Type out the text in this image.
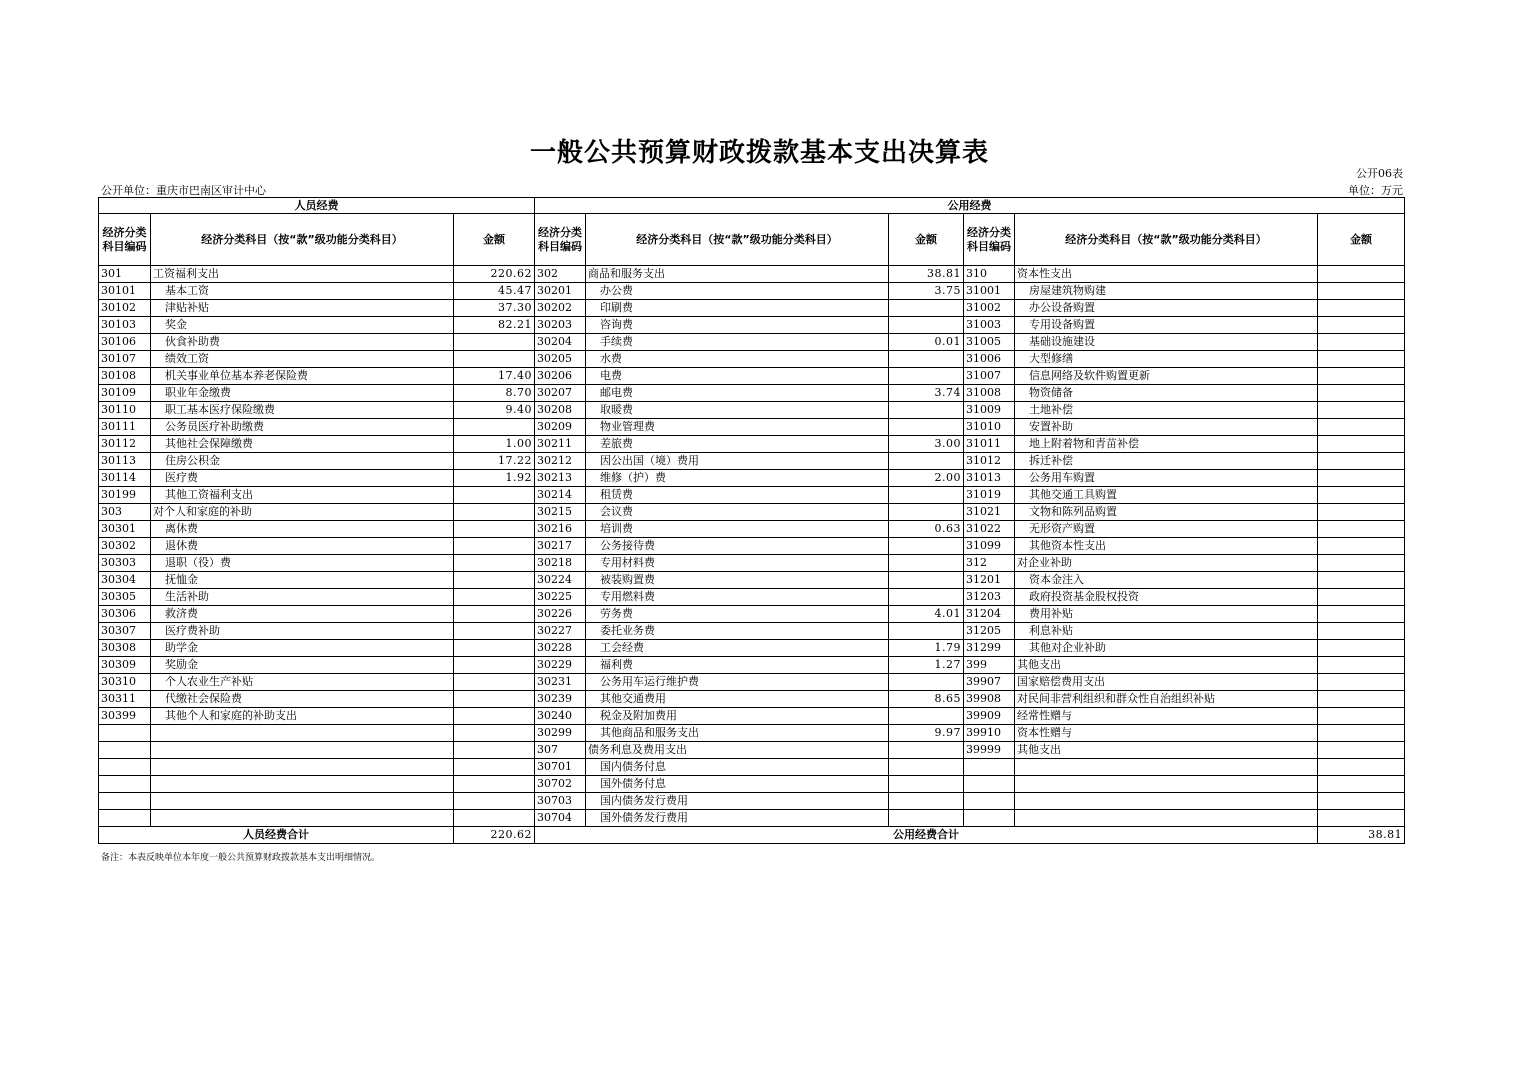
一般公共预算财政拨款基本支出决算表
公开06表
公开单位：重庆市巴南区审计中心	单位：万元
人员经费			公用经费					
经济分类科目编码	经济分类科目（按“款”级功能分类科目）	金额	经济分类科目编码	经济分类科目（按“款”级功能分类科目）	金额	经济分类科目编码	经济分类科目（按“款”级功能分类科目）	金额
301	工资福利支出	220.62	302	商品和服务支出	38.81	310	资本性支出	
30101	基本工资	45.47	30201	办公费	3.75	31001	房屋建筑物购建	
30102	津贴补贴	37.30	30202	印刷费		31002	办公设备购置	
30103	奖金	82.21	30203	咨询费		31003	专用设备购置	
30106	伙食补助费		30204	手续费	0.01	31005	基础设施建设	
30107	绩效工资		30205	水费		31006	大型修缮	
30108	机关事业单位基本养老保险费	17.40	30206	电费		31007	信息网络及软件购置更新	
30109	职业年金缴费	8.70	30207	邮电费	3.74	31008	物资储备	
30110	职工基本医疗保险缴费	9.40	30208	取暖费		31009	土地补偿	
30111	公务员医疗补助缴费		30209	物业管理费		31010	安置补助	
30112	其他社会保障缴费	1.00	30211	差旅费	3.00	31011	地上附着物和青苗补偿	
30113	住房公积金	17.22	30212	因公出国（境）费用		31012	拆迁补偿	
30114	医疗费	1.92	30213	维修（护）费	2.00	31013	公务用车购置	
30199	其他工资福利支出		30214	租赁费		31019	其他交通工具购置	
303	对个人和家庭的补助		30215	会议费		31021	文物和陈列品购置	
30301	离休费		30216	培训费	0.63	31022	无形资产购置	
30302	退休费		30217	公务接待费		31099	其他资本性支出	
30303	退职（役）费		30218	专用材料费		312	对企业补助	
30304	抚恤金		30224	被装购置费		31201	资本金注入	
30305	生活补助		30225	专用燃料费		31203	政府投资基金股权投资	
30306	救济费		30226	劳务费	4.01	31204	费用补贴	
30307	医疗费补助		30227	委托业务费		31205	利息补贴	
30308	助学金		30228	工会经费	1.79	31299	其他对企业补助	
30309	奖励金		30229	福利费	1.27	399	其他支出	
30310	个人农业生产补贴		30231	公务用车运行维护费		39907	国家赔偿费用支出	
30311	代缴社会保险费		30239	其他交通费用	8.65	39908	对民间非营利组织和群众性自治组织补贴	
30399	其他个人和家庭的补助支出		30240	税金及附加费用		39909	经常性赠与	
			30299	其他商品和服务支出	9.97	39910	资本性赠与	
			307	债务利息及费用支出		39999	其他支出	
			30701	国内债务付息				
			30702	国外债务付息				
			30703	国内债务发行费用				
			30704	国外债务发行费用				
人员经费合计		220.62	公用经费合计					38.81
备注：本表反映单位本年度一般公共预算财政拨款基本支出明细情况。
